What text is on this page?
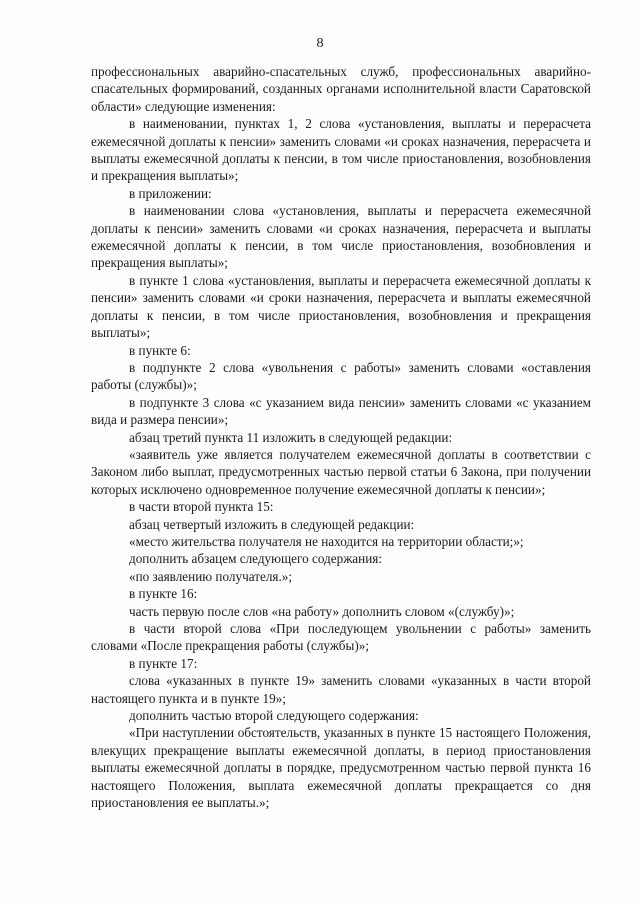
8

профессиональных аварийно-спасательных служб, профессиональных аварийно-спасательных формирований, созданных органами исполнительной власти Саратовской области» следующие изменения:

в наименовании, пунктах 1, 2 слова «установления, выплаты и перерасчета ежемесячной доплаты к пенсии» заменить словами «и сроках назначения, перерасчета и выплаты ежемесячной доплаты к пенсии, в том числе приостановления, возобновления и прекращения выплаты»;

в приложении:

в наименовании слова «установления, выплаты и перерасчета ежемесячной доплаты к пенсии» заменить словами «и сроках назначения, перерасчета и выплаты ежемесячной доплаты к пенсии, в том числе приостановления, возобновления и прекращения выплаты»;

в пункте 1 слова «установления, выплаты и перерасчета ежемесячной доплаты к пенсии» заменить словами «и сроки назначения, перерасчета и выплаты ежемесячной доплаты к пенсии, в том числе приостановления, возобновления и прекращения выплаты»;

в пункте 6:

в подпункте 2 слова «увольнения с работы» заменить словами «оставления работы (службы)»;

в подпункте 3 слова «с указанием вида пенсии» заменить словами «с указанием вида и размера пенсии»;

абзац третий пункта 11 изложить в следующей редакции:

«заявитель уже является получателем ежемесячной доплаты в соответствии с Законом либо выплат, предусмотренных частью первой статьи 6 Закона, при получении которых исключено одновременное получение ежемесячной доплаты к пенсии»;

в части второй пункта 15:

абзац четвертый изложить в следующей редакции:

«место жительства получателя не находится на территории области;»;

дополнить абзацем следующего содержания:

«по заявлению получателя.»;

в пункте 16:

часть первую после слов «на работу» дополнить словом «(службу)»;

в части второй слова «При последующем увольнении с работы» заменить словами «После прекращения работы (службы)»;

в пункте 17:

слова «указанных в пункте 19» заменить словами «указанных в части второй настоящего пункта и в пункте 19»;

дополнить частью второй следующего содержания:

«При наступлении обстоятельств, указанных в пункте 15 настоящего Положения, влекущих прекращение выплаты ежемесячной доплаты, в период приостановления выплаты ежемесячной доплаты в порядке, предусмотренном частью первой пункта 16 настоящего Положения, выплата ежемесячной доплаты прекращается со дня приостановления ее выплаты.»;
